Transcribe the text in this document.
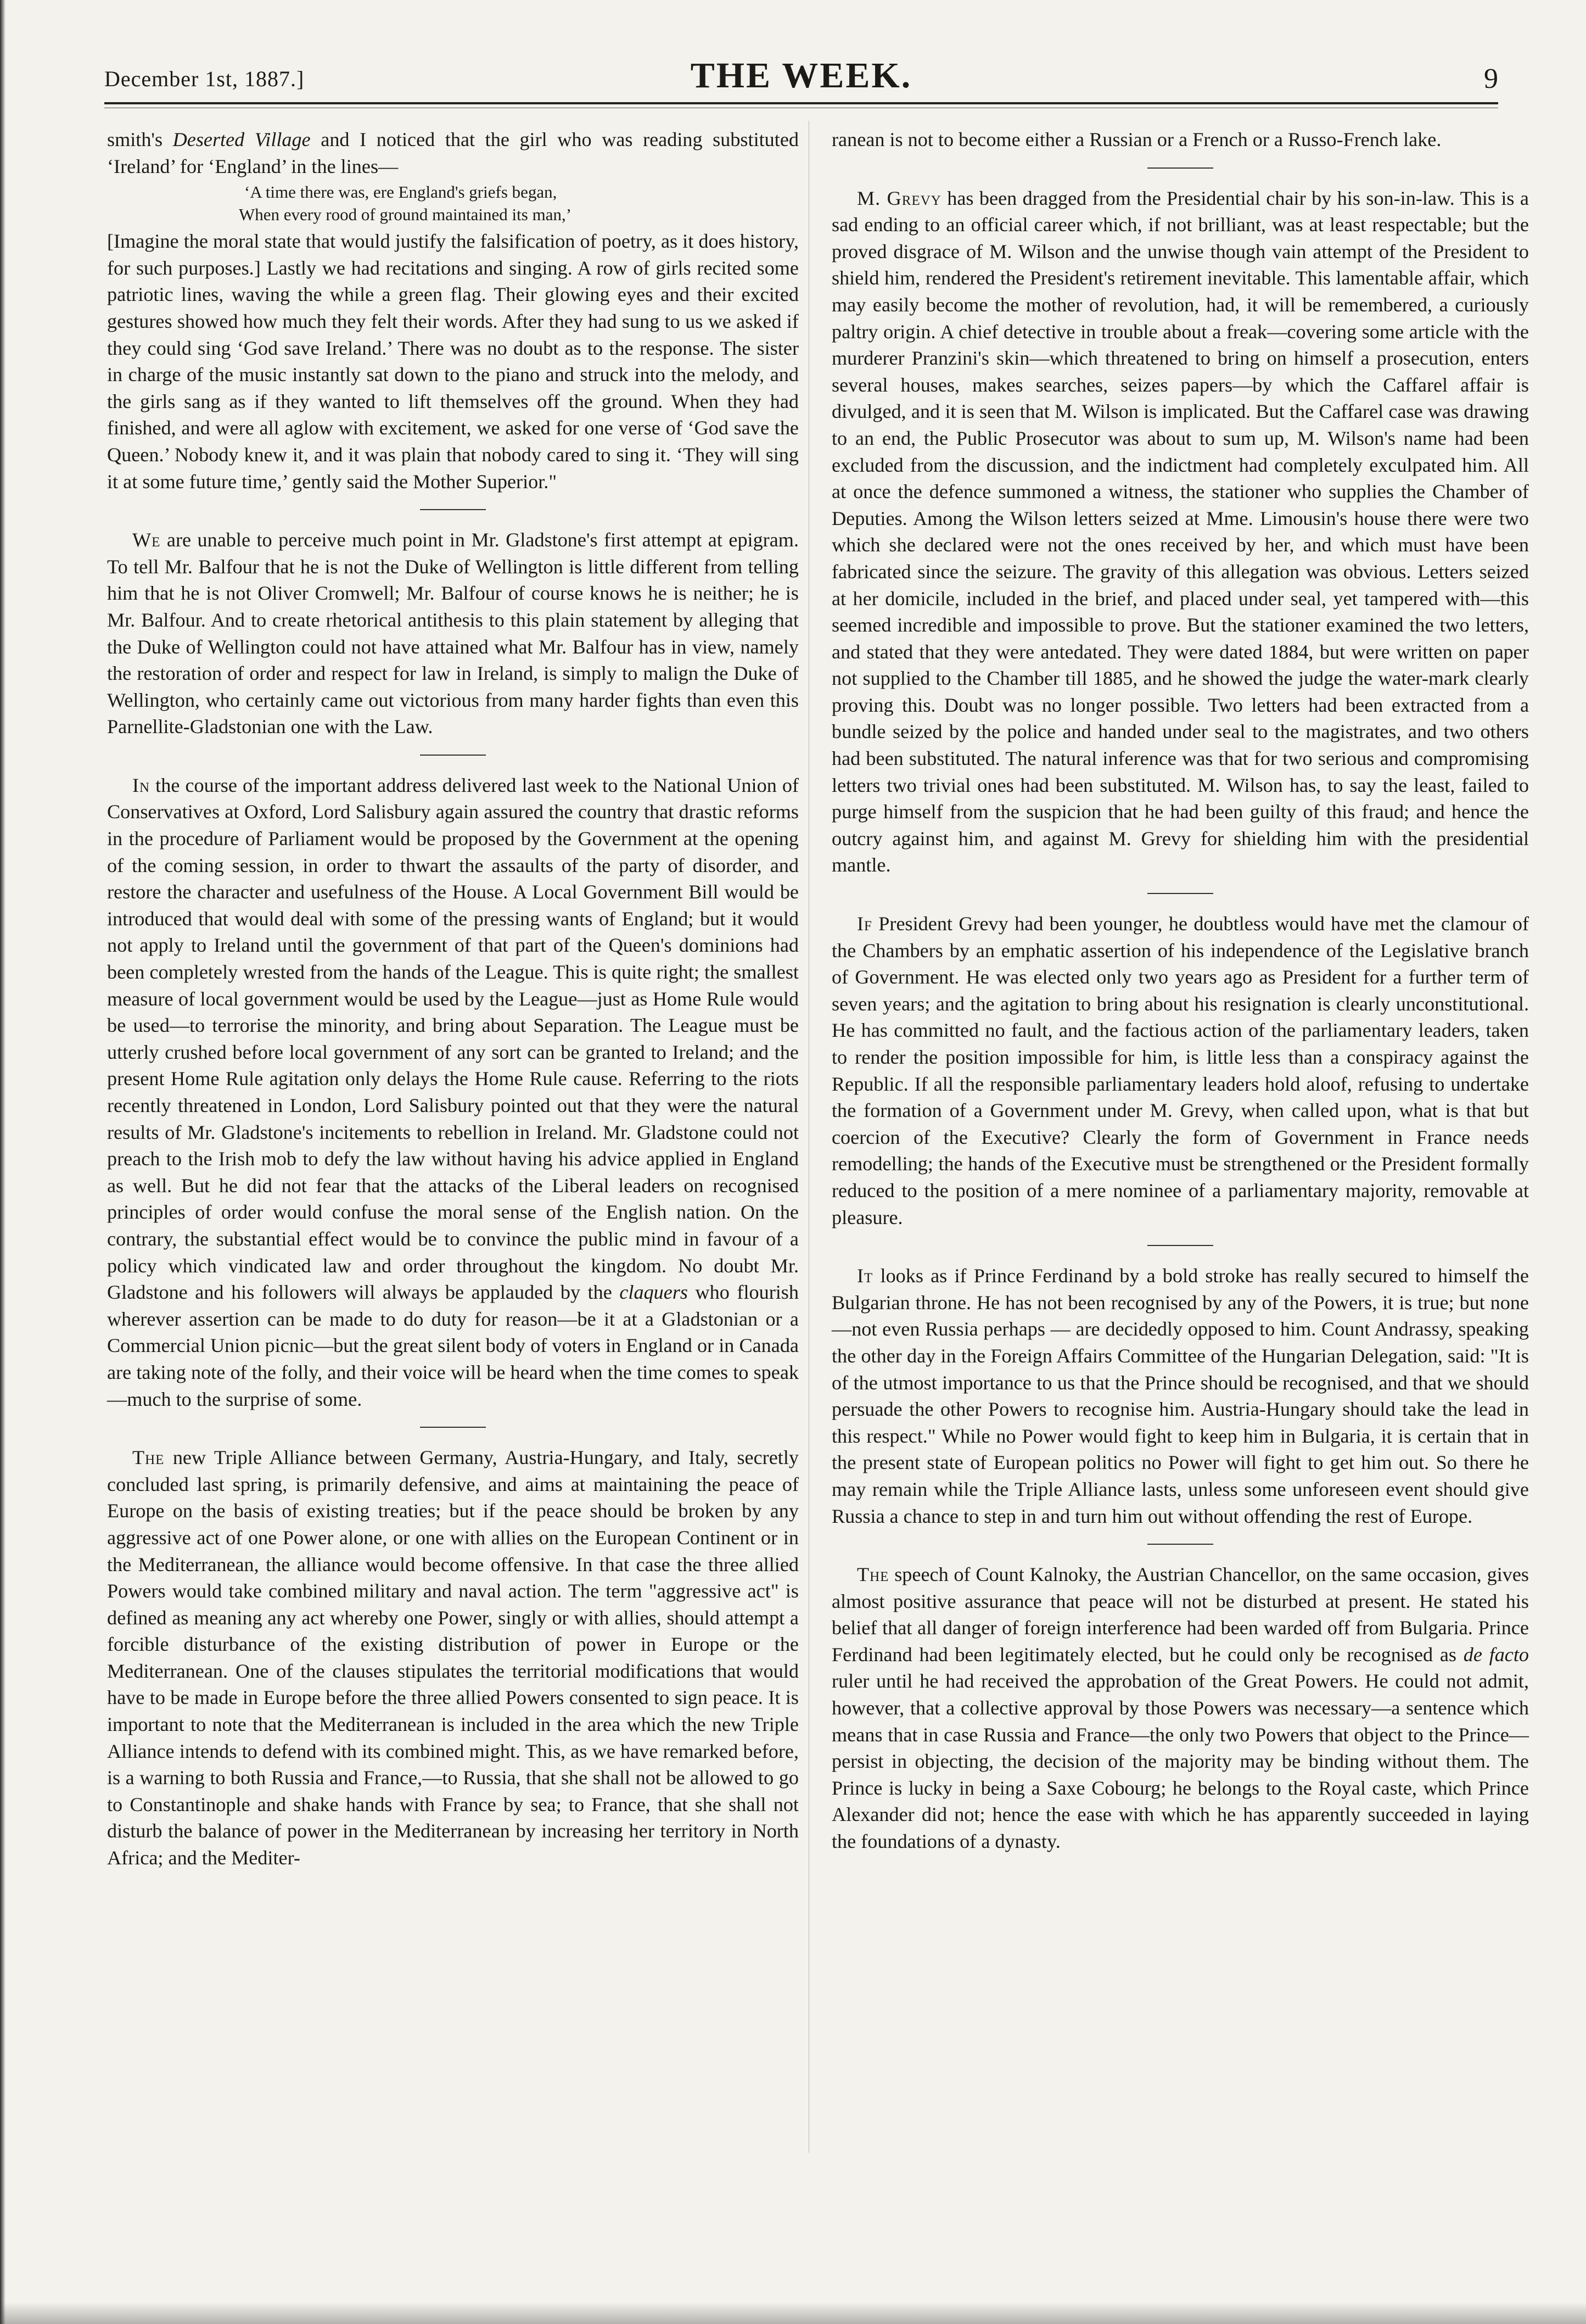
December 1st, 1887.]	THE WEEK.	9

smith's Deserted Village and I noticed that the girl who was reading substituted ‘Ireland’ for ‘England’ in the lines—

‘A time there was, ere England's griefs began,
When every rood of ground maintained its man,’

[Imagine the moral state that would justify the falsification of poetry, as it does history, for such purposes.] Lastly we had recitations and singing. A row of girls recited some patriotic lines, waving the while a green flag. Their glowing eyes and their excited gestures showed how much they felt their words. After they had sung to us we asked if they could sing ‘God save Ireland.’ There was no doubt as to the response. The sister in charge of the music instantly sat down to the piano and struck into the melody, and the girls sang as if they wanted to lift themselves off the ground. When they had finished, and were all aglow with excitement, we asked for one verse of ‘God save the Queen.’ Nobody knew it, and it was plain that nobody cared to sing it. ‘They will sing it at some future time,’ gently said the Mother Superior."

We are unable to perceive much point in Mr. Gladstone's first attempt at epigram. To tell Mr. Balfour that he is not the Duke of Wellington is little different from telling him that he is not Oliver Cromwell; Mr. Balfour of course knows he is neither; he is Mr. Balfour. And to create rhetorical antithesis to this plain statement by alleging that the Duke of Wellington could not have attained what Mr. Balfour has in view, namely the restoration of order and respect for law in Ireland, is simply to malign the Duke of Wellington, who certainly came out victorious from many harder fights than even this Parnellite-Gladstonian one with the Law.

In the course of the important address delivered last week to the National Union of Conservatives at Oxford, Lord Salisbury again assured the country that drastic reforms in the procedure of Parliament would be proposed by the Government at the opening of the coming session, in order to thwart the assaults of the party of disorder, and restore the character and usefulness of the House. A Local Government Bill would be introduced that would deal with some of the pressing wants of England; but it would not apply to Ireland until the government of that part of the Queen's dominions had been completely wrested from the hands of the League. This is quite right; the smallest measure of local government would be used by the League—just as Home Rule would be used—to terrorise the minority, and bring about Separation. The League must be utterly crushed before local government of any sort can be granted to Ireland; and the present Home Rule agitation only delays the Home Rule cause. Referring to the riots recently threatened in London, Lord Salisbury pointed out that they were the natural results of Mr. Gladstone's incitements to rebellion in Ireland. Mr. Gladstone could not preach to the Irish mob to defy the law without having his advice applied in England as well. But he did not fear that the attacks of the Liberal leaders on recognised principles of order would confuse the moral sense of the English nation. On the contrary, the substantial effect would be to convince the public mind in favour of a policy which vindicated law and order throughout the kingdom. No doubt Mr. Gladstone and his followers will always be applauded by the claquers who flourish wherever assertion can be made to do duty for reason—be it at a Gladstonian or a Commercial Union picnic—but the great silent body of voters in England or in Canada are taking note of the folly, and their voice will be heard when the time comes to speak—much to the surprise of some.

The new Triple Alliance between Germany, Austria-Hungary, and Italy, secretly concluded last spring, is primarily defensive, and aims at maintaining the peace of Europe on the basis of existing treaties; but if the peace should be broken by any aggressive act of one Power alone, or one with allies on the European Continent or in the Mediterranean, the alliance would become offensive. In that case the three allied Powers would take combined military and naval action. The term "aggressive act" is defined as meaning any act whereby one Power, singly or with allies, should attempt a forcible disturbance of the existing distribution of power in Europe or the Mediterranean. One of the clauses stipulates the territorial modifications that would have to be made in Europe before the three allied Powers consented to sign peace. It is important to note that the Mediterranean is included in the area which the new Triple Alliance intends to defend with its combined might. This, as we have remarked before, is a warning to both Russia and France,—to Russia, that she shall not be allowed to go to Constantinople and shake hands with France by sea; to France, that she shall not disturb the balance of power in the Mediterranean by increasing her territory in North Africa; and the Mediter-

ranean is not to become either a Russian or a French or a Russo-French lake.

M. Grevy has been dragged from the Presidential chair by his son-in-law. This is a sad ending to an official career which, if not brilliant, was at least respectable; but the proved disgrace of M. Wilson and the unwise though vain attempt of the President to shield him, rendered the President's retirement inevitable. This lamentable affair, which may easily become the mother of revolution, had, it will be remembered, a curiously paltry origin. A chief detective in trouble about a freak—covering some article with the murderer Pranzini's skin—which threatened to bring on himself a prosecution, enters several houses, makes searches, seizes papers—by which the Caffarel affair is divulged, and it is seen that M. Wilson is implicated. But the Caffarel case was drawing to an end, the Public Prosecutor was about to sum up, M. Wilson's name had been excluded from the discussion, and the indictment had completely exculpated him. All at once the defence summoned a witness, the stationer who supplies the Chamber of Deputies. Among the Wilson letters seized at Mme. Limousin's house there were two which she declared were not the ones received by her, and which must have been fabricated since the seizure. The gravity of this allegation was obvious. Letters seized at her domicile, included in the brief, and placed under seal, yet tampered with—this seemed incredible and impossible to prove. But the stationer examined the two letters, and stated that they were antedated. They were dated 1884, but were written on paper not supplied to the Chamber till 1885, and he showed the judge the water-mark clearly proving this. Doubt was no longer possible. Two letters had been extracted from a bundle seized by the police and handed under seal to the magistrates, and two others had been substituted. The natural inference was that for two serious and compromising letters two trivial ones had been substituted. M. Wilson has, to say the least, failed to purge himself from the suspicion that he had been guilty of this fraud; and hence the outcry against him, and against M. Grevy for shielding him with the presidential mantle.

If President Grevy had been younger, he doubtless would have met the clamour of the Chambers by an emphatic assertion of his independence of the Legislative branch of Government. He was elected only two years ago as President for a further term of seven years; and the agitation to bring about his resignation is clearly unconstitutional. He has committed no fault, and the factious action of the parliamentary leaders, taken to render the position impossible for him, is little less than a conspiracy against the Republic. If all the responsible parliamentary leaders hold aloof, refusing to undertake the formation of a Government under M. Grevy, when called upon, what is that but coercion of the Executive? Clearly the form of Government in France needs remodelling; the hands of the Executive must be strengthened or the President formally reduced to the position of a mere nominee of a parliamentary majority, removable at pleasure.

It looks as if Prince Ferdinand by a bold stroke has really secured to himself the Bulgarian throne. He has not been recognised by any of the Powers, it is true; but none—not even Russia perhaps — are decidedly opposed to him. Count Andrassy, speaking the other day in the Foreign Affairs Committee of the Hungarian Delegation, said: "It is of the utmost importance to us that the Prince should be recognised, and that we should persuade the other Powers to recognise him. Austria-Hungary should take the lead in this respect." While no Power would fight to keep him in Bulgaria, it is certain that in the present state of European politics no Power will fight to get him out. So there he may remain while the Triple Alliance lasts, unless some unforeseen event should give Russia a chance to step in and turn him out without offending the rest of Europe.

The speech of Count Kalnoky, the Austrian Chancellor, on the same occasion, gives almost positive assurance that peace will not be disturbed at present. He stated his belief that all danger of foreign interference had been warded off from Bulgaria. Prince Ferdinand had been legitimately elected, but he could only be recognised as de facto ruler until he had received the approbation of the Great Powers. He could not admit, however, that a collective approval by those Powers was necessary—a sentence which means that in case Russia and France—the only two Powers that object to the Prince—persist in objecting, the decision of the majority may be binding without them. The Prince is lucky in being a Saxe Cobourg; he belongs to the Royal caste, which Prince Alexander did not; hence the ease with which he has apparently succeeded in laying the foundations of a dynasty.
